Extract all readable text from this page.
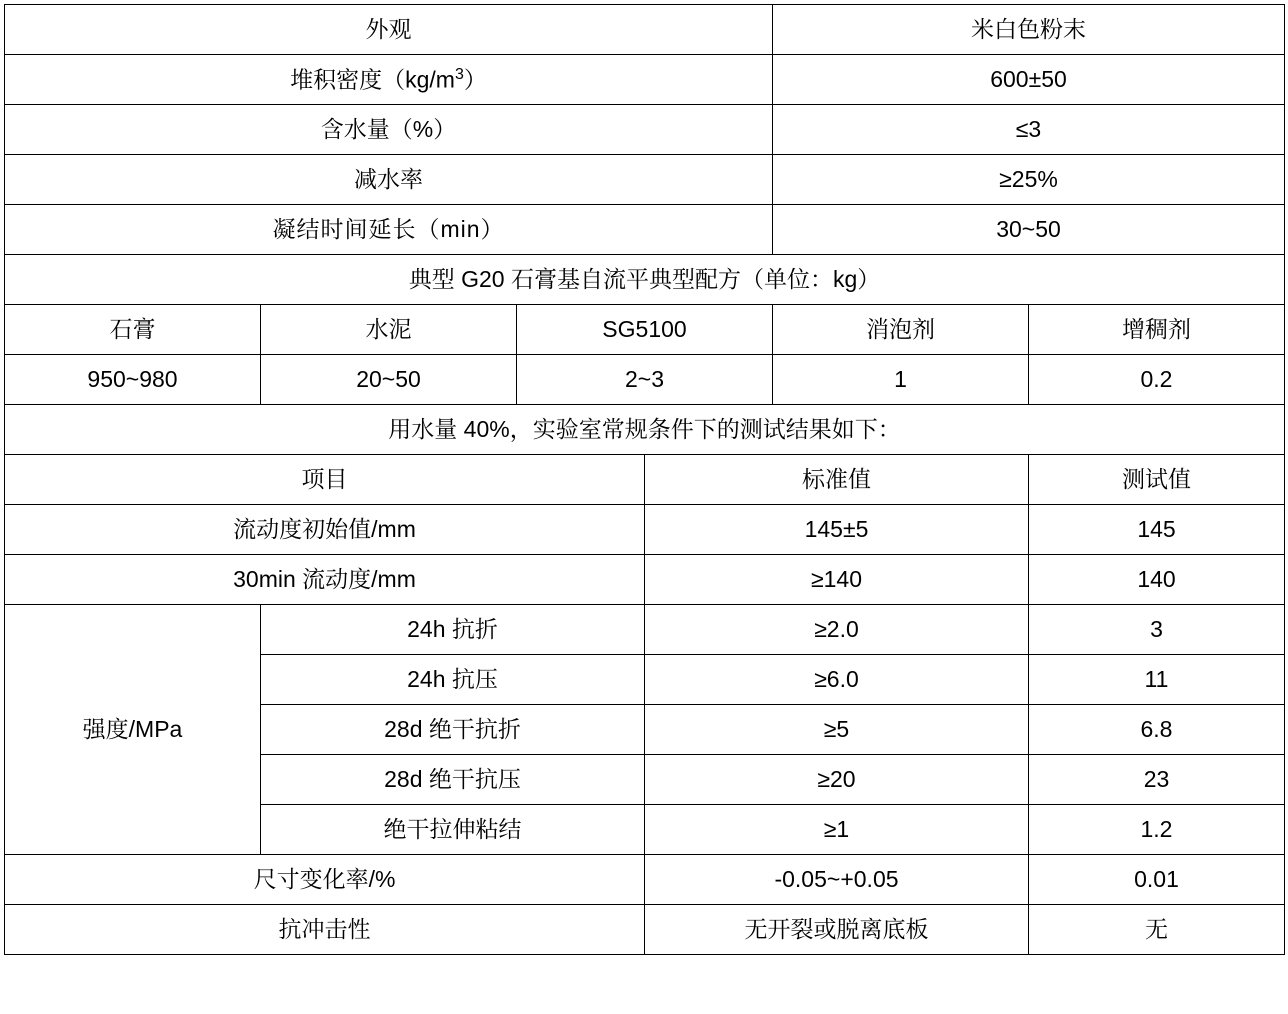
外观				米白色粉末	
堆积密度$(kg/m^3)$				600±50	
含水量（%）				≤3	
减水率				≥25%	
凝结时间延长（min）				30~50	
典型 G20 石膏基自流平典型配方（单位：kg）					
石膏	水泥	SG5100		消泡剂	增稠剂
950~980	20~50	2~3		1	0.2
用水量 40%，实验室常规条件下的测试结果如下：					
项目			标准值		测试值
流动度初始值/mm			145±5		145
30min 流动度/mm			≥140		140
强度/MPa	24h 抗折		≥2.0		3
	24h 抗压		≥6.0		11
	28d 绝干抗折		≥5		6.8
	28d 绝干抗压		≥20		23
	绝干拉伸粘结		≥1		1.2
尺寸变化率/%			-0.05~+0.05		0.01
抗冲击性			无开裂或脱离底板		无
